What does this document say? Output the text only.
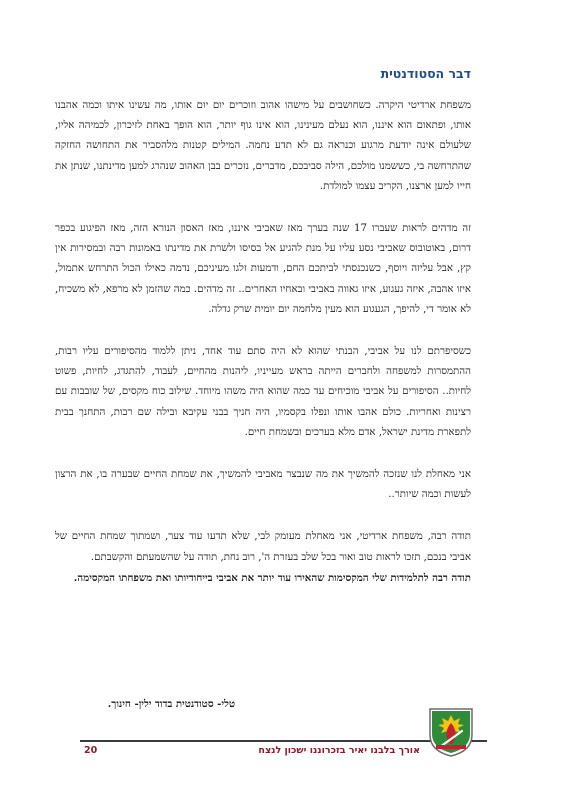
דבר הסטודנטית

משפחת ארדיטי היקרה. כשחושבים על מישהו אהוב וזוכרים יום יום אותו, מה עשינו איתו וכמה אהבנו אותו, ופתאום הוא איננו, הוא נעלם מעינינו, הוא אינו גוף יותר, הוא הופך באחת לזיכרון, לכמיהה אליו, שלעולם אינה יודעת מרגוע וכנראה גם לא תדע נחמה. המילים קטנות מלהסביר את התחושה החזקה שהתרחשה בי, כששמנו מולכם, הילה סביבכם, מדברים, נזכרים בבן האהוב שנהרג למען מדינתנו, שנתן את חייו למען ארצנו, הקריב עצמו למולדת.

זה מדהים לראות שעברו 17 שנה בערך מאז שאביבי איננו, מאז האסון הנורא הזה, מאז הפיגוע בכפר דרום, באוטובוס שאביבי נסע עליו על מנת להגיע אל בסיסו ולשרת את מדינתו באמונות רבה ובמסירות אין קץ, אבל עליזה ויוסף, כשנכנסתי לביתכם החם, ודמעות זלגו מעיניכם, נדמה כאילו הכול התרחש אתמול, איזו אהבה, איזה געגוע, איזו גאווה באביבי ובאחיו האחרים.. זה מדהים. כמה שהזמן לא מרפא, לא משכיח, לא אומר די, להיפך, הגעגוע הוא מעין מלחמה יום יומית שרק גדלה.

כשסיפרתם לנו על אביבי, הבנתי שהוא לא היה סתם עוד אחד, ניתן ללמוד מהסיפורים עליו רבות, ההתמסרות למשפחה ולחברים הייתה בראש מעייניו, ליהנות מהחיים, לעבוד, להתגדג, לחיות, פשוט לחיות.. הסיפורים על אביבי מוכיחים עד כמה שהוא היה משהו מיוחד. שילוב כוח מקסים, של שובבות עם רצינות ואחריות. כולם אהבו אותו ונפלו בקסמיו, היה חניך בבני עקיבא ובילה שם רבות, התחנך בבית לתפארת מדינת ישראל, אדם מלא בערכים ובשמחת חיים.

אני מאחלת לנו שנזכה להמשיך את מה שנבצר מאביבי להמשיך, את שמחת החיים שבערה בו, את הרצון לעשות וכמה שיותר..

תודה רבה, משפחת ארדיטי, אני מאחלת מעומק לבי, שלא תדעו עוד צער, ושמתוך שמחת החיים של אביבי בנכם, תזכו לראות טוב ואור בכל שלב בעזרת ה', רוב נחת, תודה על שהשמעתם והקשבתם.

תודה רבה לתלמידות שלי המקסימות שהאירו עוד יותר את אביבי בייחודיותו ואת משפחתו המקסימה.

טלי- סטודנטית בדוד ילין- חינוך.
אורך בלבנו יאיר בזכרוננו ישכון לנצח
20
